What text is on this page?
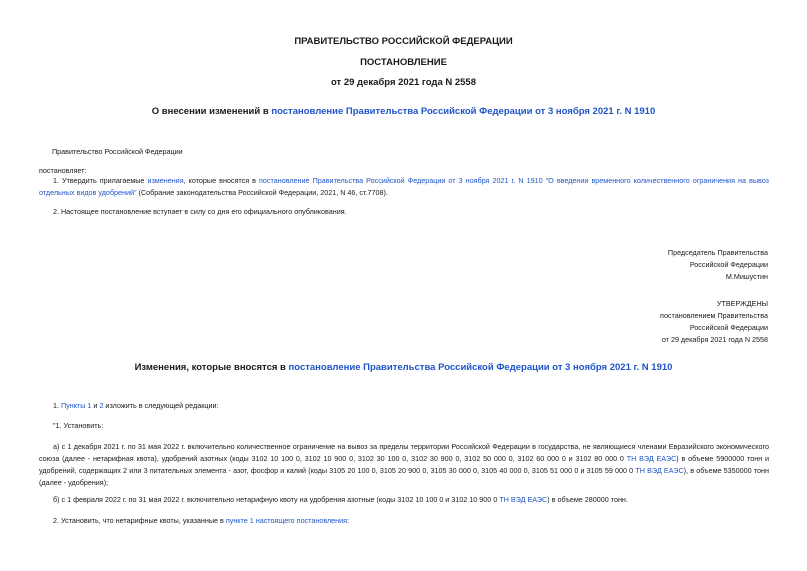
ПРАВИТЕЛЬСТВО РОССИЙСКОЙ ФЕДЕРАЦИИ
ПОСТАНОВЛЕНИЕ
от 29 декабря 2021 года N 2558
О внесении изменений в постановление Правительства Российской Федерации от 3 ноября 2021 г. N 1910
Правительство Российской Федерации
постановляет:
1. Утвердить прилагаемые изменения, которые вносятся в постановление Правительства Российской Федерации от 3 ноября 2021 г. N 1910 "О введении временного количественного ограничения на вывоз отдельных видов удобрений" (Собрание законодательства Российской Федерации, 2021, N 46, ст.7708).
2. Настоящее постановление вступает в силу со дня его официального опубликования.
Председатель Правительства
Российской Федерации
М.Мишустин
УТВЕРЖДЕНЫ
постановлением Правительства
Российской Федерации
от 29 декабря 2021 года N 2558
Изменения, которые вносятся в постановление Правительства Российской Федерации от 3 ноября 2021 г. N 1910
1. Пункты 1 и 2 изложить в следующей редакции:
"1. Установить:
а) с 1 декабря 2021 г. по 31 мая 2022 г. включительно количественное ограничение на вывоз за пределы территории Российской Федерации в государства, не являющиеся членами Евразийского экономического союза (далее - нетарифная квота), удобрений азотных (коды 3102 10 100 0, 3102 10 900 0, 3102 30 100 0, 3102 30 900 0, 3102 50 000 0, 3102 60 000 0 и 3102 80 000 0 ТН ВЭД ЕАЭС) в объеме 5900000 тонн и удобрений, содержащих 2 или 3 питательных элемента - азот, фосфор и калий (коды 3105 20 100 0, 3105 20 900 0, 3105 30 000 0, 3105 40 000 0, 3105 51 000 0 и 3105 59 000 0 ТН ВЭД ЕАЭС), в объеме 5350000 тонн (далее - удобрения);
б) с 1 февраля 2022 г. по 31 мая 2022 г. включительно нетарифную квоту на удобрения азотные (коды 3102 10 100 0 и 3102 10 900 0 ТН ВЭД ЕАЭС) в объеме 280000 тонн.
2. Установить, что нетарифные квоты, указанные в пункте 1 настоящего постановления:
